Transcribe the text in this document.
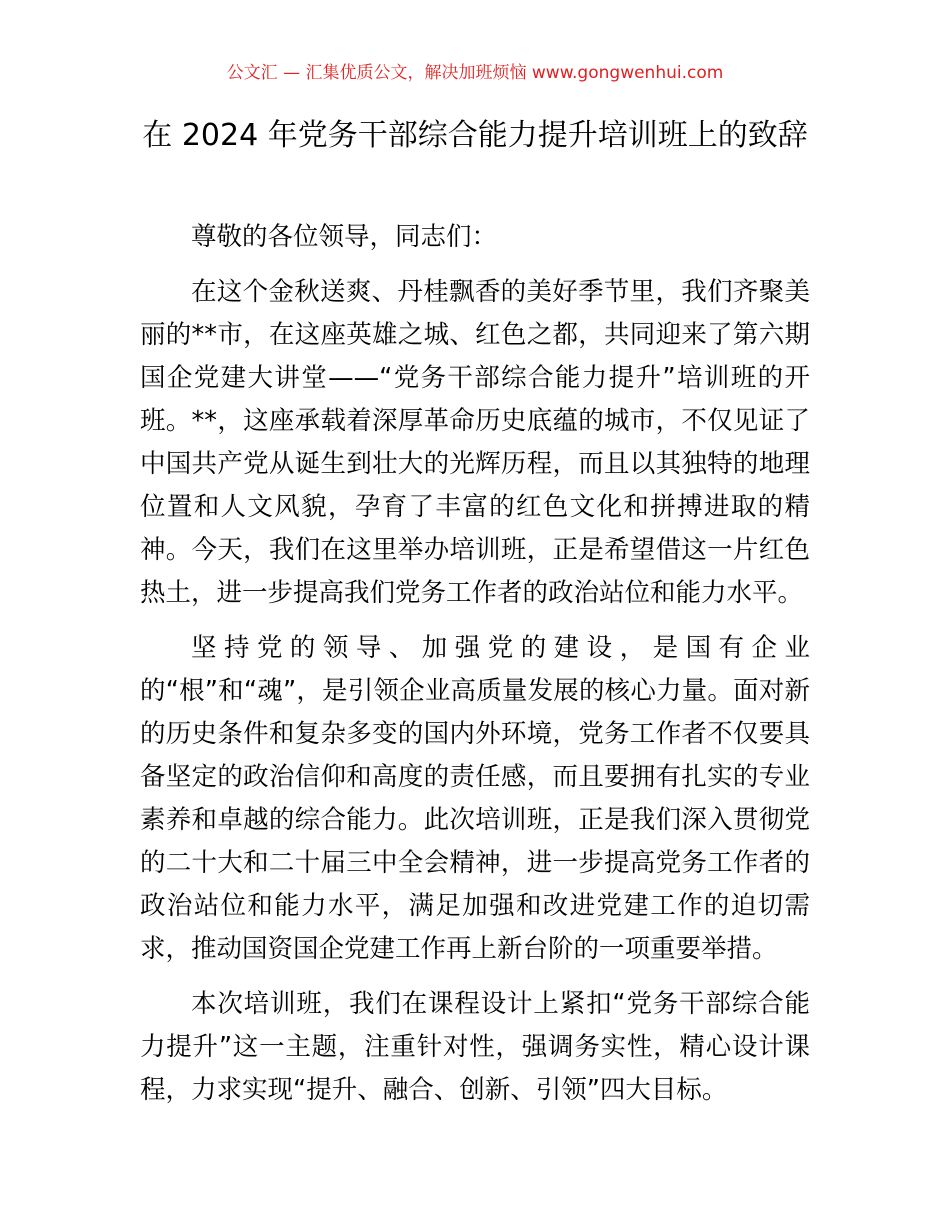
公文汇 — 汇集优质公文，解决加班烦恼 www.gongwenhui.com
在 2024 年党务干部综合能力提升培训班上的致辞

尊敬的各位领导，同志们：

在这个金秋送爽、丹桂飘香的美好季节里，我们齐聚美丽的**市，在这座英雄之城、红色之都，共同迎来了第六期国企党建大讲堂——“党务干部综合能力提升”培训班的开班。**，这座承载着深厚革命历史底蕴的城市，不仅见证了中国共产党从诞生到壮大的光辉历程，而且以其独特的地理位置和人文风貌，孕育了丰富的红色文化和拼搏进取的精神。今天，我们在这里举办培训班，正是希望借这一片红色热土，进一步提高我们党务工作者的政治站位和能力水平。

坚持党的领导、加强党的建设，是国有企业的“根”和“魂”，是引领企业高质量发展的核心力量。面对新的历史条件和复杂多变的国内外环境，党务工作者不仅要具备坚定的政治信仰和高度的责任感，而且要拥有扎实的专业素养和卓越的综合能力。此次培训班，正是我们深入贯彻党的二十大和二十届三中全会精神，进一步提高党务工作者的政治站位和能力水平，满足加强和改进党建工作的迫切需求，推动国资国企党建工作再上新台阶的一项重要举措。

本次培训班，我们在课程设计上紧扣“党务干部综合能力提升”这一主题，注重针对性，强调务实性，精心设计课程，力求实现“提升、融合、创新、引领”四大目标。
